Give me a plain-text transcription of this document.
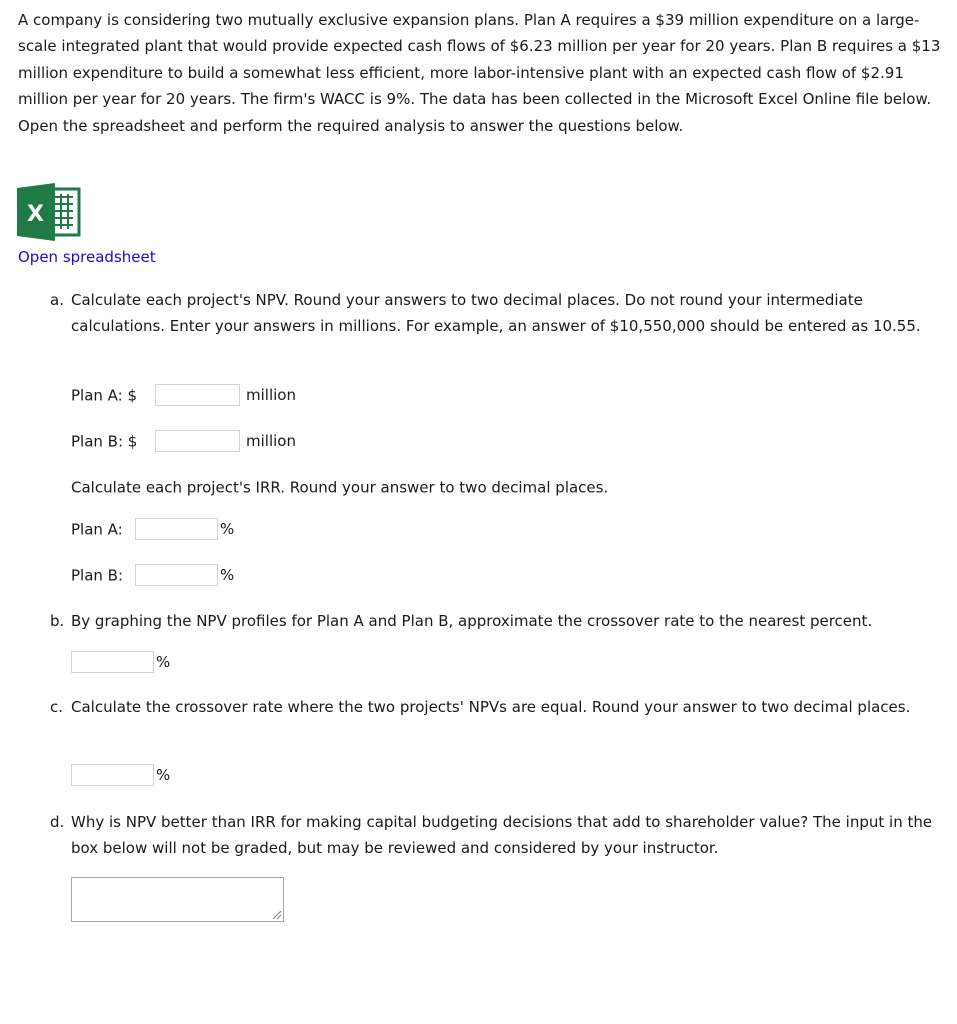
A company is considering two mutually exclusive expansion plans. Plan A requires a $39 million expenditure on a large-scale integrated plant that would provide expected cash flows of $6.23 million per year for 20 years. Plan B requires a $13 million expenditure to build a somewhat less efficient, more labor-intensive plant with an expected cash flow of $2.91 million per year for 20 years. The firm's WACC is 9%. The data has been collected in the Microsoft Excel Online file below. Open the spreadsheet and perform the required analysis to answer the questions below.

X
Open spreadsheet
a. Calculate each project's NPV. Round your answers to two decimal places. Do not round your intermediate calculations. Enter your answers in millions. For example, an answer of $10,550,000 should be entered as 10.55.
Plan A: $	million
Plan B: $	million
Calculate each project's IRR. Round your answer to two decimal places.
Plan A:	%
Plan B:	%
b. By graphing the NPV profiles for Plan A and Plan B, approximate the crossover rate to the nearest percent.
%
c. Calculate the crossover rate where the two projects' NPVs are equal. Round your answer to two decimal places.
%
d. Why is NPV better than IRR for making capital budgeting decisions that add to shareholder value? The input in the box below will not be graded, but may be reviewed and considered by your instructor.
